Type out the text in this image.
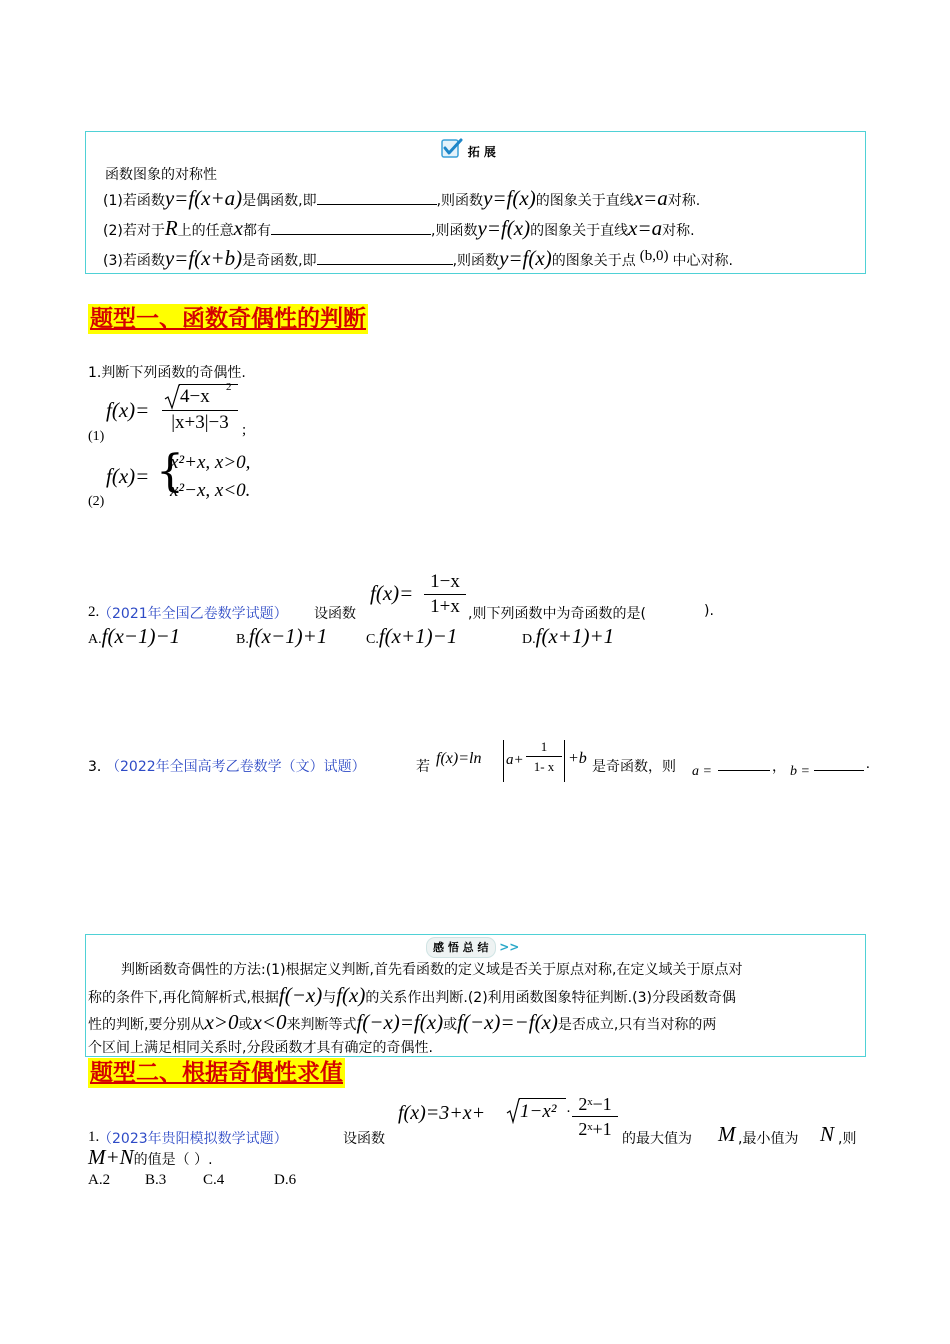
拓 展
函数图象的对称性
(1)若函数y=f(x+a)是偶函数,即	,则函数y=f(x)的图象关于直线x=a对称.
(2)若对于R上的任意x都有	,则函数y=f(x)的图象关于直线x=a对称.
(3)若函数y=f(x+b)是奇函数,即	,则函数y=f(x)的图象关于点 (b,0) 中心对称.
题型一、函数奇偶性的判断
1.判断下列函数的奇偶性.
(1)
f(x)=
4−x 2
|x+3|−3 ;
(2)
f(x)= {
x²+x, x>0,
x²−x, x<0.
2.
（2021年全国乙卷数学试题） 设函数
$f(x)= \frac{1-x}{1+x}$ ,则下列函数中为奇函数的是(	).
A.f(x−1)−1	B.f(x−1)+1	C.f(x+1)−1	D.f(x+1)+1
3．
（2022年全国高考乙卷数学（文）试题）	若 f(x)=ln $a+ \frac{1}{1- x} +b$ 是奇函数，则 a =	， b =	.
感 悟 总 结 >>
判断函数奇偶性的方法:(1)根据定义判断,首先看函数的定义域是否关于原点对称,在定义域关于原点对
称的条件下,再化简解析式,根据f(−x)与f(x)的关系作出判断.(2)利用函数图象特征判断.(3)分段函数奇偶
性的判断,要分别从x>0或x<0来判断等式f(−x)=f(x)或f(−x)=−f(x)是否成立,只有当对称的两
个区间上满足相同关系时,分段函数才具有确定的奇偶性.
题型二、根据奇偶性求值
1.
（2023年贵阳模拟数学试题）	设函数
$f(x)=3+x+ 1-x^2 \cdot \frac{\text{2ˣ−1}}{\text{2ˣ+1}}$ 的最大值为 M ,最小值为 N ,则
M+N的值是（ ）.
A.2 B.3 C.4	D.6
